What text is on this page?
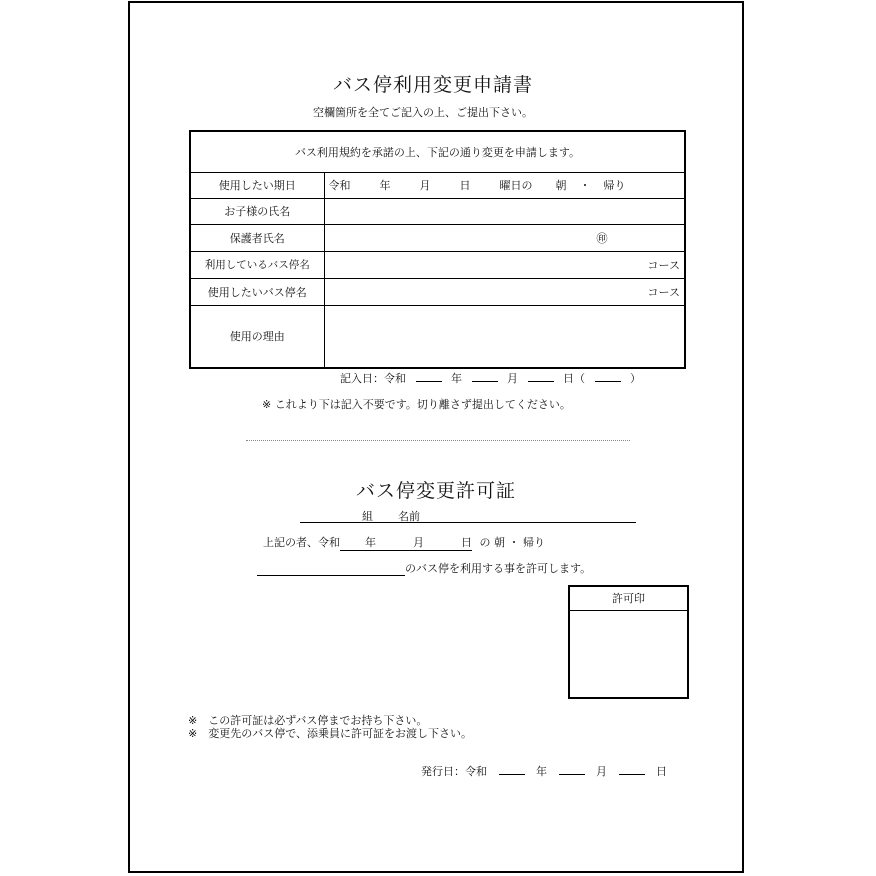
バス停利用変更申請書
空欄箇所を全てご記入の上、ご提出下さい。
バス利用規約を承諾の上、下記の通り変更を申請します。	
使用したい期日	令和 年 月 日 曜日の 朝 ・ 帰り
お子様の氏名	
保護者氏名	㊞

利用しているバス停名	コース
使用したいバス停名	コース
使用の理由	
記入日：令和	年	月	日（	）
※ これより下は記入不要です。切り離さず提出してください。
バス停変更許可証
組 名前
上記の者、令和 年	月	日 の 朝 ・ 帰り
のバス停を利用する事を許可します。
許可印
※　この許可証は必ずバス停までお持ち下さい。
※　変更先のバス停で、添乗員に許可証をお渡し下さい。
発行日：令和	年	月	日
